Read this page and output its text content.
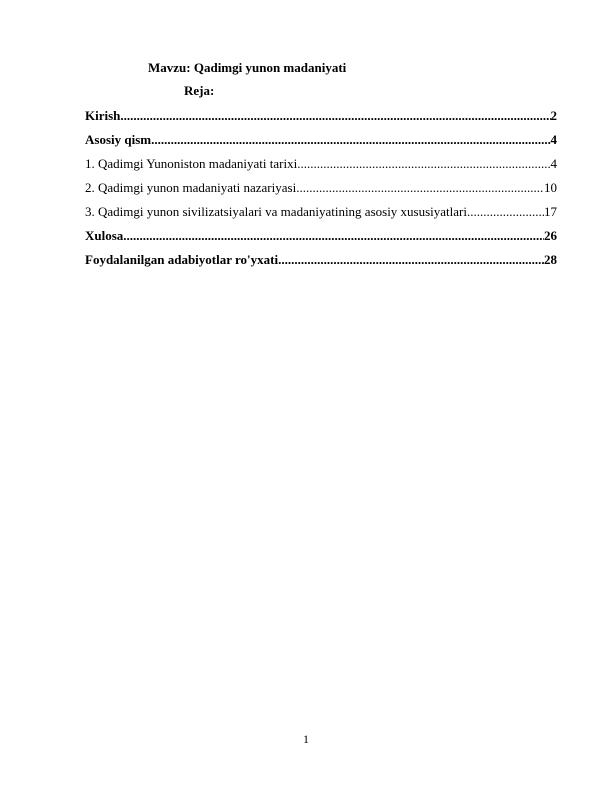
Mavzu: Qadimgi yunon madaniyati
Reja:
Kirish .....	2
Asosiy qism .....	4
1. Qadimgi Yunoniston madaniyati tarixi .....	4
2. Qadimgi yunon madaniyati nazariyasi .....	10
3. Qadimgi yunon sivilizatsiyalari va madaniyatining asosiy xususiyatlari .....	17
Xulosa .....	26
Foydalanilgan adabiyotlar ro'yxati .....	28
1
